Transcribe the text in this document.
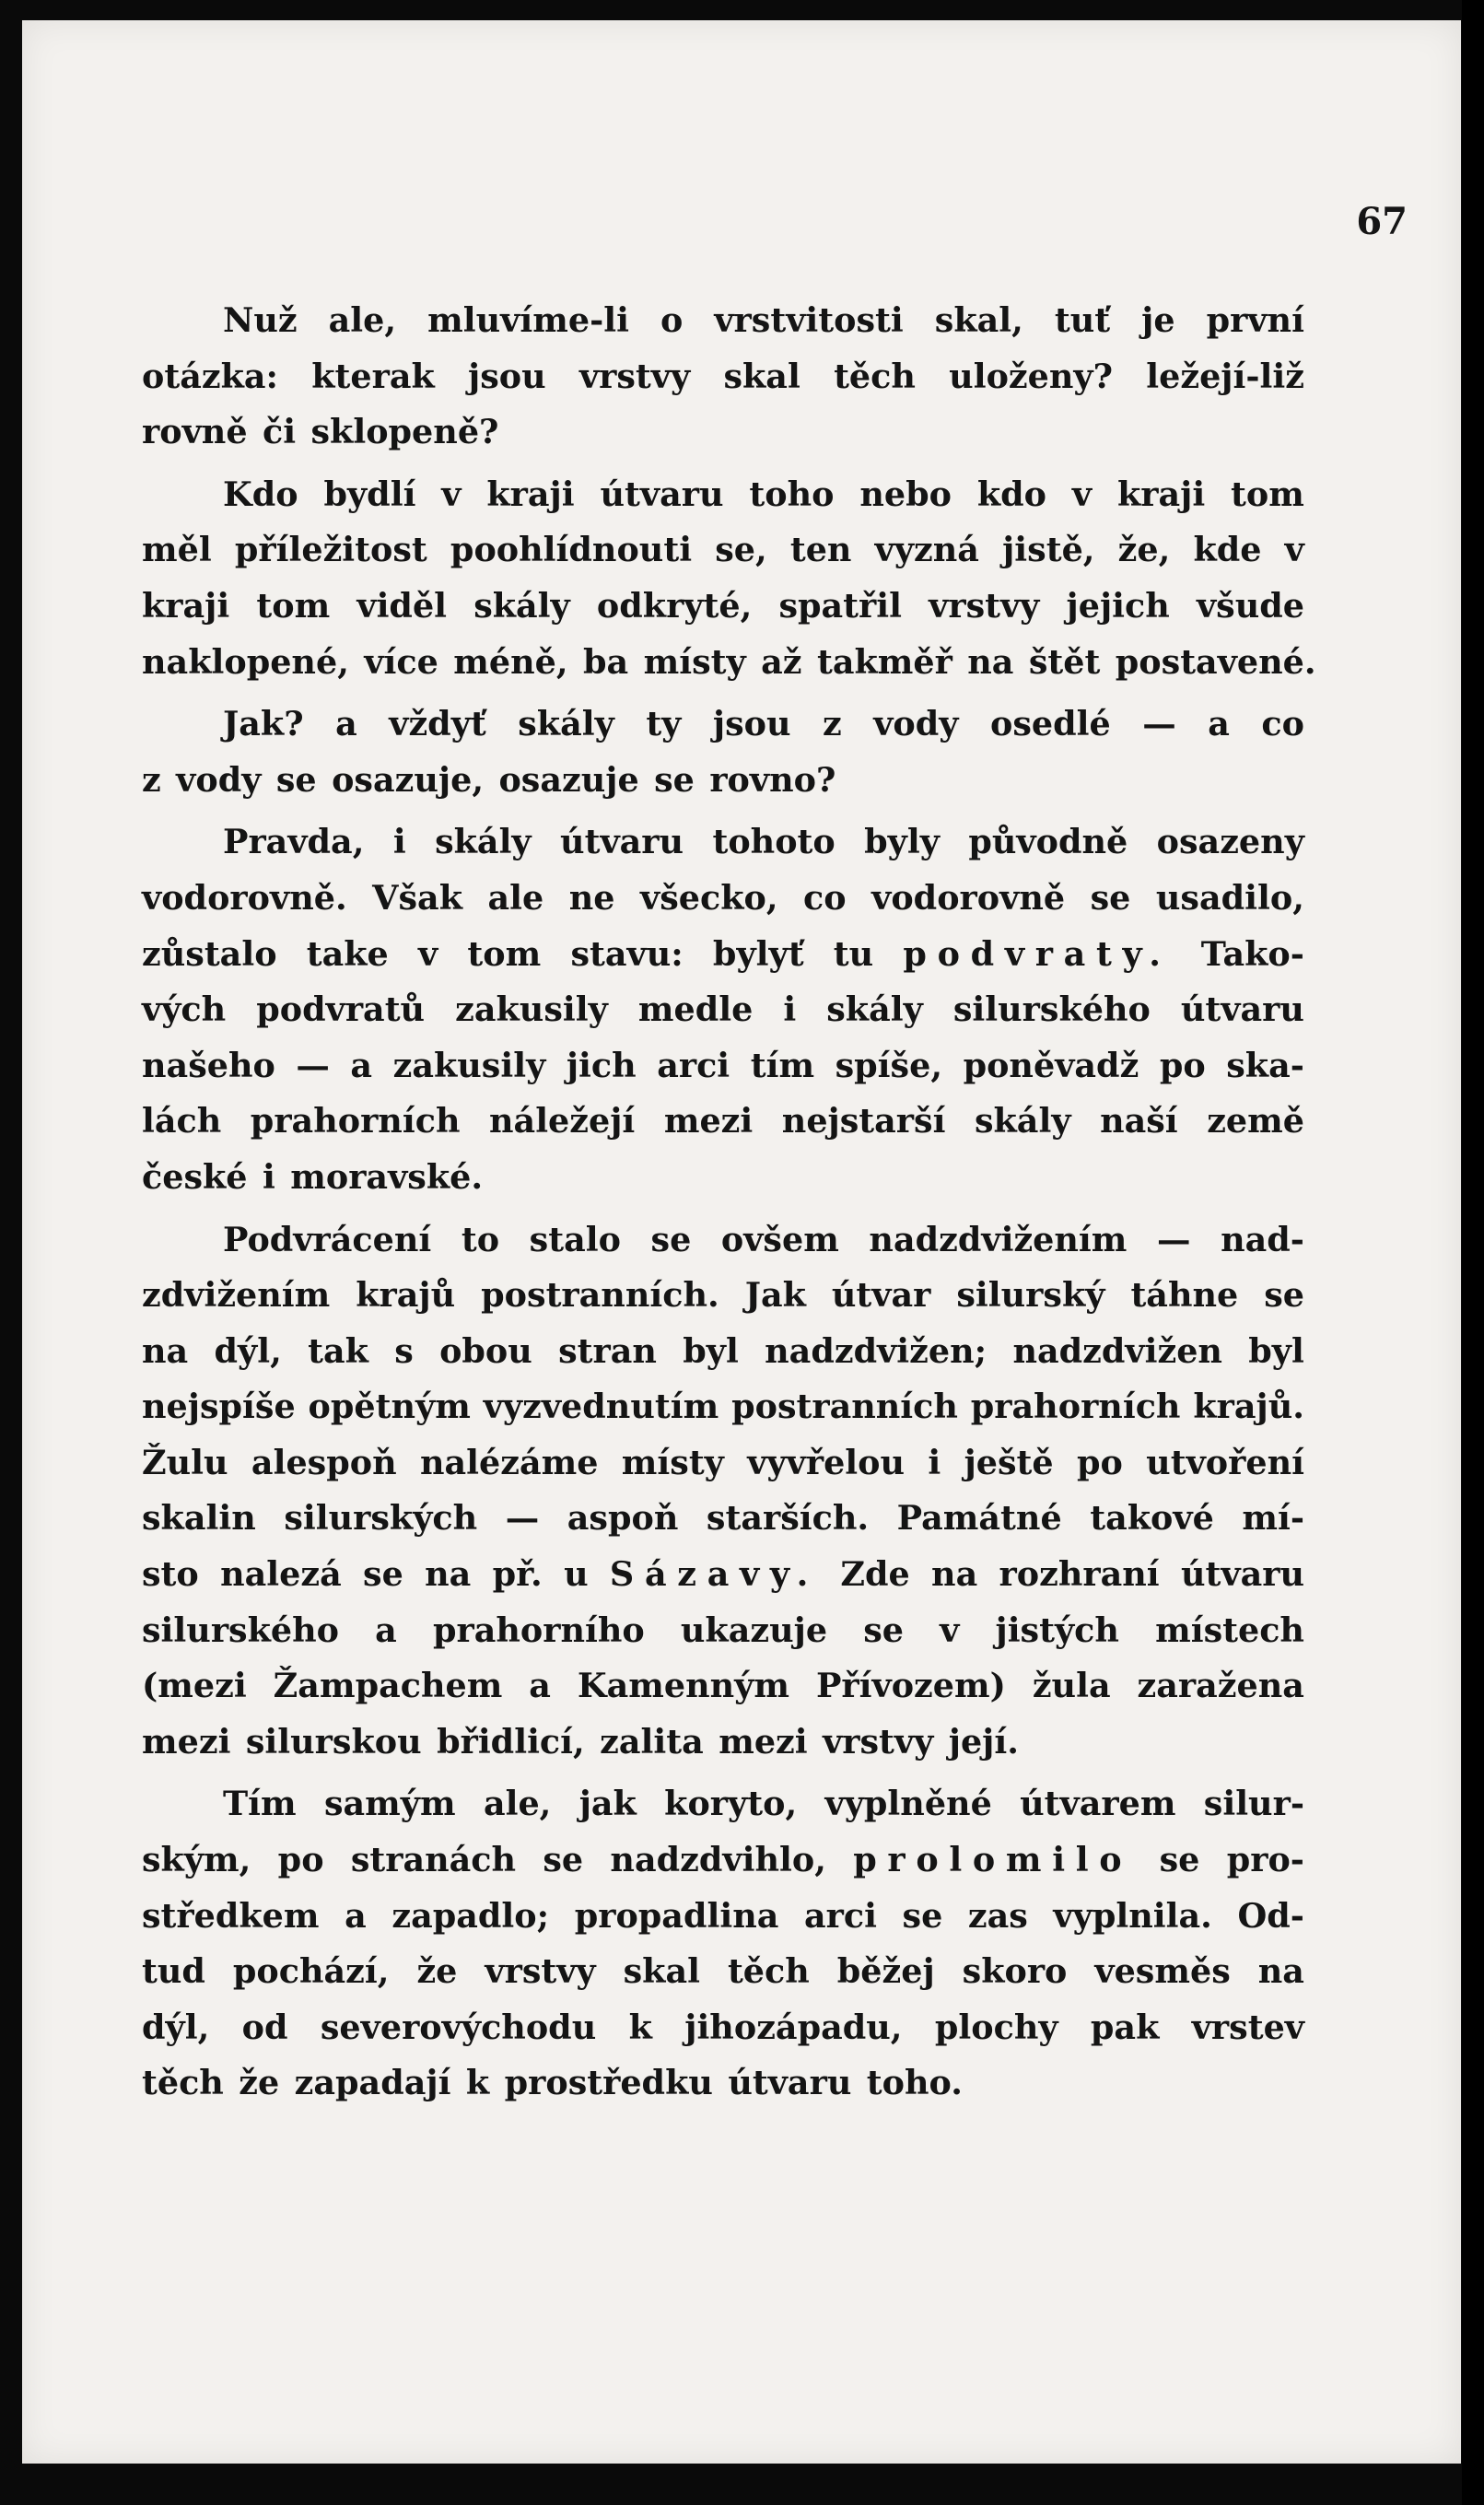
67
Nuž ale, mluvíme-li o vrstvitosti skal, tuť je první
otázka: kterak jsou vrstvy skal těch uloženy? ležejí-liž
rovně či sklopeně?
Kdo bydlí v kraji útvaru toho nebo kdo v kraji tom
měl příležitost poohlídnouti se, ten vyzná jistě, že, kde v
kraji tom viděl skály odkryté, spatřil vrstvy jejich všude
naklopené, více méně, ba místy až takměř na štět postavené.
Jak? a vždyť skály ty jsou z vody osedlé — a co
z vody se osazuje, osazuje se rovno?
Pravda, i skály útvaru tohoto byly původně osazeny
vodorovně. Však ale ne všecko, co vodorovně se usadilo,
zůstalo take v tom stavu: bylyť tu podvraty. Tako-
vých podvratů zakusily medle i skály silurského útvaru
našeho — a zakusily jich arci tím spíše, poněvadž po ska-
lách prahorních náležejí mezi nejstarší skály naší země
české i moravské.
Podvrácení to stalo se ovšem nadzdvižením — nad-
zdvižením krajů postranních. Jak útvar silurský táhne se
na dýl, tak s obou stran byl nadzdvižen; nadzdvižen byl
nejspíše opětným vyzvednutím postranních prahorních krajů.
Žulu alespoň nalézáme místy vyvřelou i ještě po utvoření
skalin silurských — aspoň starších. Památné takové mí-
sto nalezá se na př. u Sázavy. Zde na rozhraní útvaru
silurského a prahorního ukazuje se v jistých místech
(mezi Žampachem a Kamenným Přívozem) žula zaražena
mezi silurskou břidlicí, zalita mezi vrstvy její.
Tím samým ale, jak koryto, vyplněné útvarem silur-
ským, po stranách se nadzdvihlo, prolomilo se pro-
středkem a zapadlo; propadlina arci se zas vyplnila. Od-
tud pochází, že vrstvy skal těch běžej skoro vesměs na
dýl, od severovýchodu k jihozápadu, plochy pak vrstev
těch že zapadají k prostředku útvaru toho.
